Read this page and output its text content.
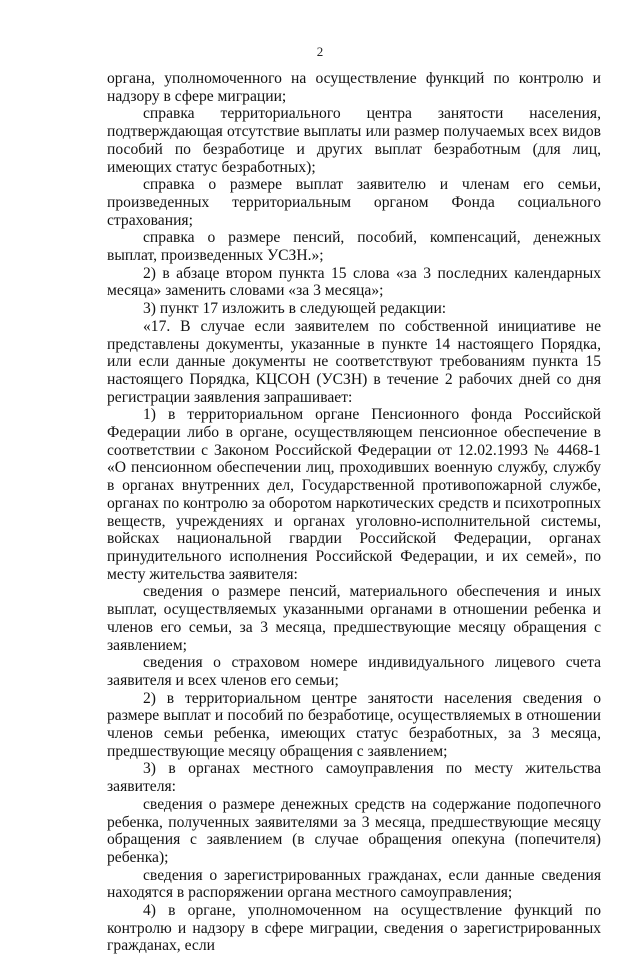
2

органа, уполномоченного на осуществление функций по контролю и надзору в сфере миграции;

справка территориального центра занятости населения, подтверждающая отсутствие выплаты или размер получаемых всех видов пособий по безработице и других выплат безработным (для лиц, имеющих статус безработных);

справка о размере выплат заявителю и членам его семьи, произведенных территориальным органом Фонда социального страхования;

справка о размере пенсий, пособий, компенсаций, денежных выплат, произведенных УСЗН.»;

2) в абзаце втором пункта 15 слова «за 3 последних календарных месяца» заменить словами «за 3 месяца»;

3) пункт 17 изложить в следующей редакции:

«17. В случае если заявителем по собственной инициативе не представлены документы, указанные в пункте 14 настоящего Порядка, или если данные документы не соответствуют требованиям пункта 15 настоящего Порядка, КЦСОН (УСЗН) в течение 2 рабочих дней со дня регистрации заявления запрашивает:

1) в территориальном органе Пенсионного фонда Российской Федерации либо в органе, осуществляющем пенсионное обеспечение в соответствии с Законом Российской Федерации от 12.02.1993 № 4468-1 «О пенсионном обеспечении лиц, проходивших военную службу, службу в органах внутренних дел, Государственной противопожарной службе, органах по контролю за оборотом наркотических средств и психотропных веществ, учреждениях и органах уголовно-исполнительной системы, войсках национальной гвардии Российской Федерации, органах принудительного исполнения Российской Федерации, и их семей», по месту жительства заявителя:

сведения о размере пенсий, материального обеспечения и иных выплат, осуществляемых указанными органами в отношении ребенка и членов его семьи, за 3 месяца, предшествующие месяцу обращения с заявлением;

сведения о страховом номере индивидуального лицевого счета заявителя и всех членов его семьи;

2) в территориальном центре занятости населения сведения о размере выплат и пособий по безработице, осуществляемых в отношении членов семьи ребенка, имеющих статус безработных, за 3 месяца, предшествующие месяцу обращения с заявлением;

3) в органах местного самоуправления по месту жительства заявителя:

сведения о размере денежных средств на содержание подопечного ребенка, полученных заявителями за 3 месяца, предшествующие месяцу обращения с заявлением (в случае обращения опекуна (попечителя) ребенка);

сведения о зарегистрированных гражданах, если данные сведения находятся в распоряжении органа местного самоуправления;

4) в органе, уполномоченном на осуществление функций по контролю и надзору в сфере миграции, сведения о зарегистрированных гражданах, если
